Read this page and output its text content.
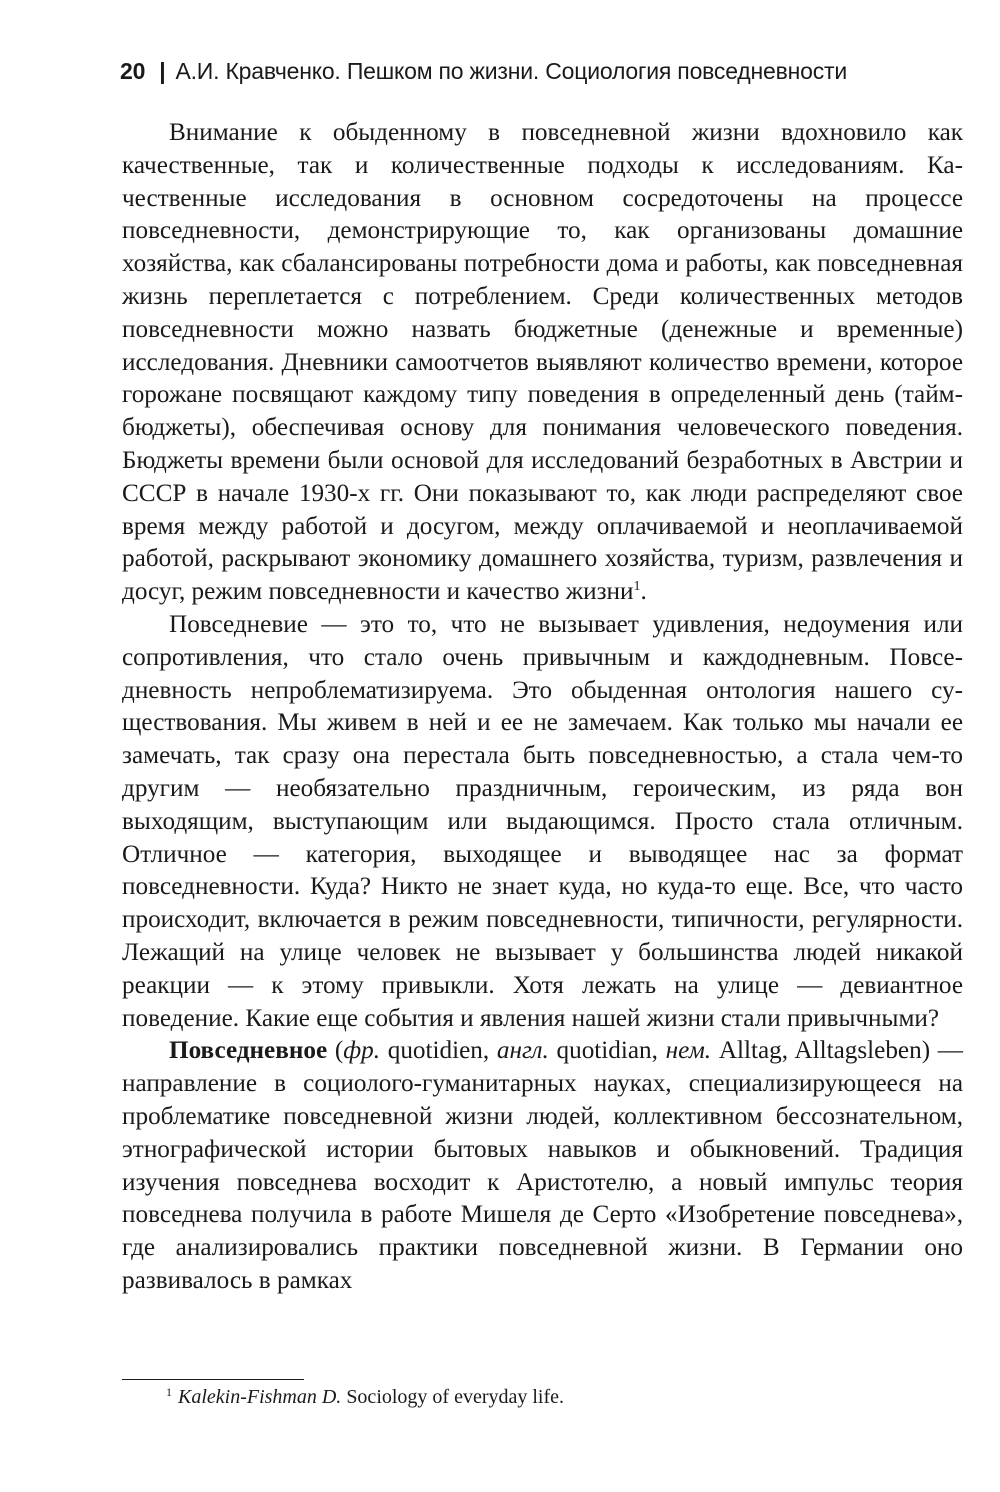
20 | А.И. Кравченко. Пешком по жизни. Социология повседневности

Внимание к обыденному в повседневной жизни вдохновило как качественные, так и количественные подходы к исследованиям. Качественные исследования в основном сосредоточены на процессе повседневности, демонстрирующие то, как организованы домашние хозяйства, как сбалансированы потребности дома и работы, как повседневная жизнь переплетается с потреблением. Среди количественных методов повседневности можно назвать бюджетные (денежные и временные) исследования. Дневники самоотчетов выявляют количество времени, которое горожане посвящают каждому типу поведения в определенный день (тайм-бюджеты), обеспечивая основу для понимания человеческого поведения. Бюджеты времени были основой для исследований безработных в Австрии и СССР в начале 1930-х гг. Они показывают то, как люди распределяют свое время между работой и досугом, между оплачиваемой и неоплачиваемой работой, раскрывают экономику домашнего хозяйства, туризм, развлечения и досуг, режим повседневности и качество жизни$^1$.

Повседневие — это то, что не вызывает удивления, недоумения или сопротивления, что стало очень привычным и каждодневным. Повседневность непроблематизируема. Это обыденная онтология нашего существования. Мы живем в ней и ее не замечаем. Как только мы начали ее замечать, так сразу она перестала быть повседневностью, а стала чем-то другим — необязательно праздничным, героическим, из ряда вон выходящим, выступающим или выдающимся. Просто стала отличным. Отличное — категория, выходящее и выводящее нас за формат повседневности. Куда? Никто не знает куда, но куда-то еще. Все, что часто происходит, включается в режим повседневности, типичности, регулярности. Лежащий на улице человек не вызывает у большинства людей никакой реакции — к этому привыкли. Хотя лежать на улице — девиантное поведение. Какие еще события и явления нашей жизни стали привычными?

Повседневное (фр. quotidien, англ. quotidian, нем. Alltag, Alltagsleben) — направление в социолого-гуманитарных науках, специализирующееся на проблематике повседневной жизни людей, коллективном бессознательном, этнографической истории бытовых навыков и обыкновений. Традиция изучения повседнева восходит к Аристотелю, а новый импульс теория повседнева получила в работе Мишеля де Серто «Изобретение повседнева», где анализировались практики повседневной жизни. В Германии оно развивалось в рамках

$^1$ Kalekin-Fishman D. Sociology of everyday life.
